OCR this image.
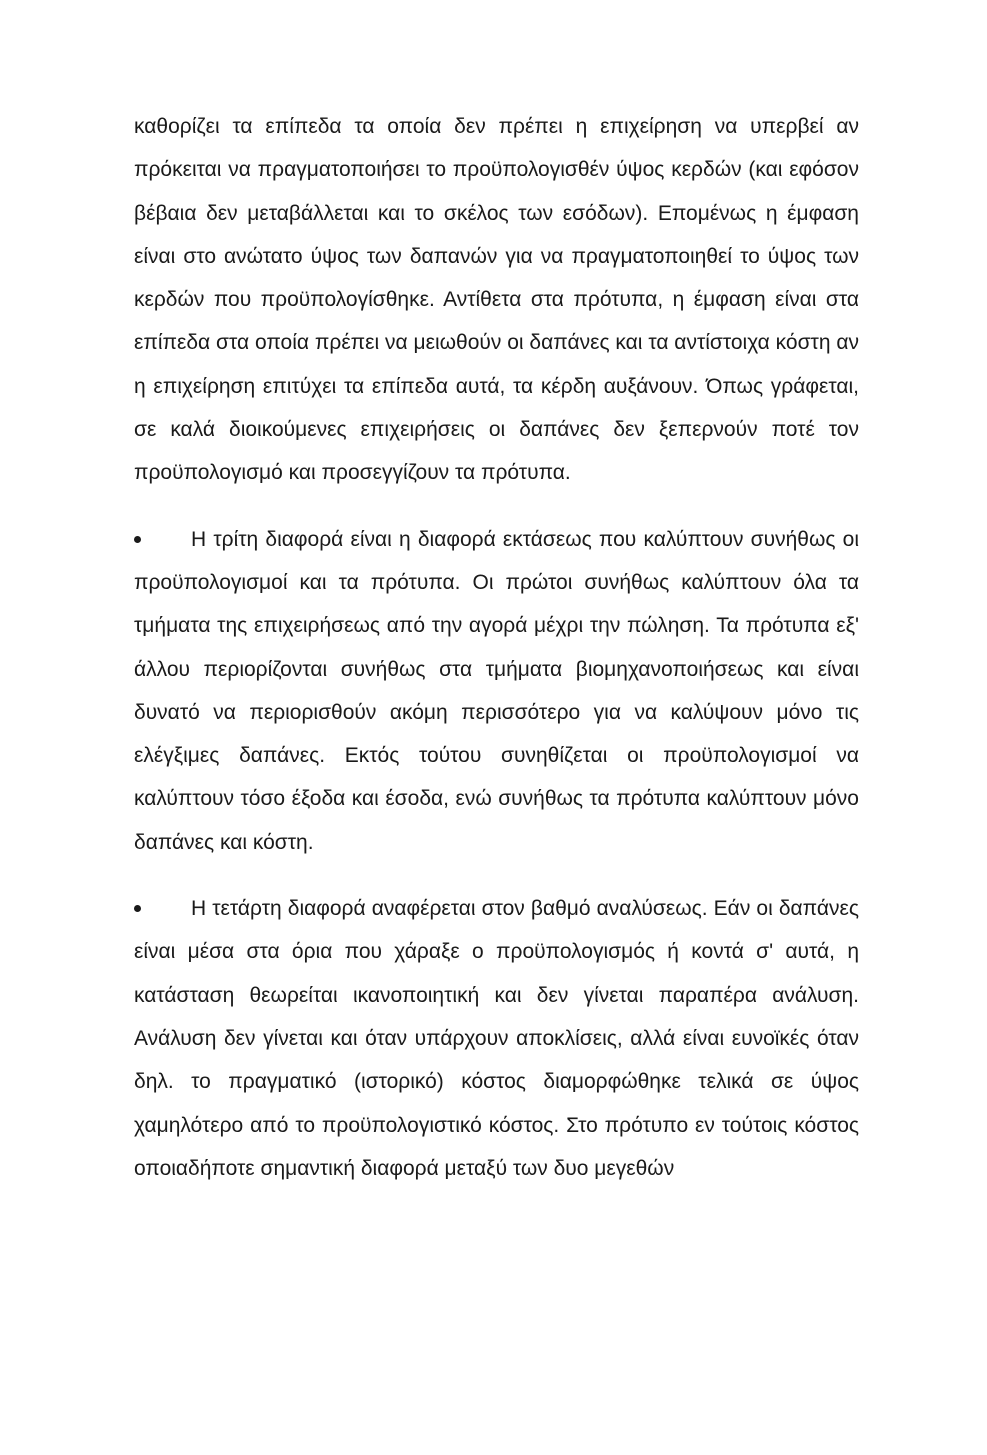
καθορίζει τα επίπεδα τα οποία δεν πρέπει η επιχείρηση να υπερβεί αν πρόκειται να πραγματοποιήσει το προϋπολογισθέν ύψος κερδών (και εφόσον βέβαια δεν μεταβάλλεται και το σκέλος των εσόδων). Επομένως η έμφαση είναι στο ανώτατο ύψος των δαπανών για να πραγματοποιηθεί το ύψος των κερδών που προϋπολογίσθηκε. Αντίθετα στα πρότυπα, η έμφαση είναι στα επίπεδα στα οποία πρέπει να μειωθούν οι δαπάνες και τα αντίστοιχα κόστη αν η επιχείρηση επιτύχει τα επίπεδα αυτά, τα κέρδη αυξάνουν. Όπως γράφεται, σε καλά διοικούμενες επιχειρήσεις οι δαπάνες δεν ξεπερνούν ποτέ τον προϋπολογισμό και προσεγγίζουν τα πρότυπα.

Η τρίτη διαφορά είναι η διαφορά εκτάσεως που καλύπτουν συνήθως οι προϋπολογισμοί και τα πρότυπα. Οι πρώτοι συνήθως καλύπτουν όλα τα τμήματα της επιχειρήσεως από την αγορά μέχρι την πώληση. Τα πρότυπα εξ' άλλου περιορίζονται συνήθως στα τμήματα βιομηχανοποιήσεως και είναι δυνατό να περιορισθούν ακόμη περισσότερο για να καλύψουν μόνο τις ελέγξιμες δαπάνες. Εκτός τούτου συνηθίζεται οι προϋπολογισμοί να καλύπτουν τόσο έξοδα και έσοδα, ενώ συνήθως τα πρότυπα καλύπτουν μόνο δαπάνες και κόστη.

Η τετάρτη διαφορά αναφέρεται στον βαθμό αναλύσεως. Εάν οι δαπάνες είναι μέσα στα όρια που χάραξε ο προϋπολογισμός ή κοντά σ' αυτά, η κατάσταση θεωρείται ικανοποιητική και δεν γίνεται παραπέρα ανάλυση. Ανάλυση δεν γίνεται και όταν υπάρχουν αποκλίσεις, αλλά είναι ευνοϊκές όταν δηλ. το πραγματικό (ιστορικό) κόστος διαμορφώθηκε τελικά σε ύψος χαμηλότερο από το προϋπολογιστικό κόστος. Στο πρότυπο εν τούτοις κόστος οποιαδήποτε σημαντική διαφορά μεταξύ των δυο μεγεθών
